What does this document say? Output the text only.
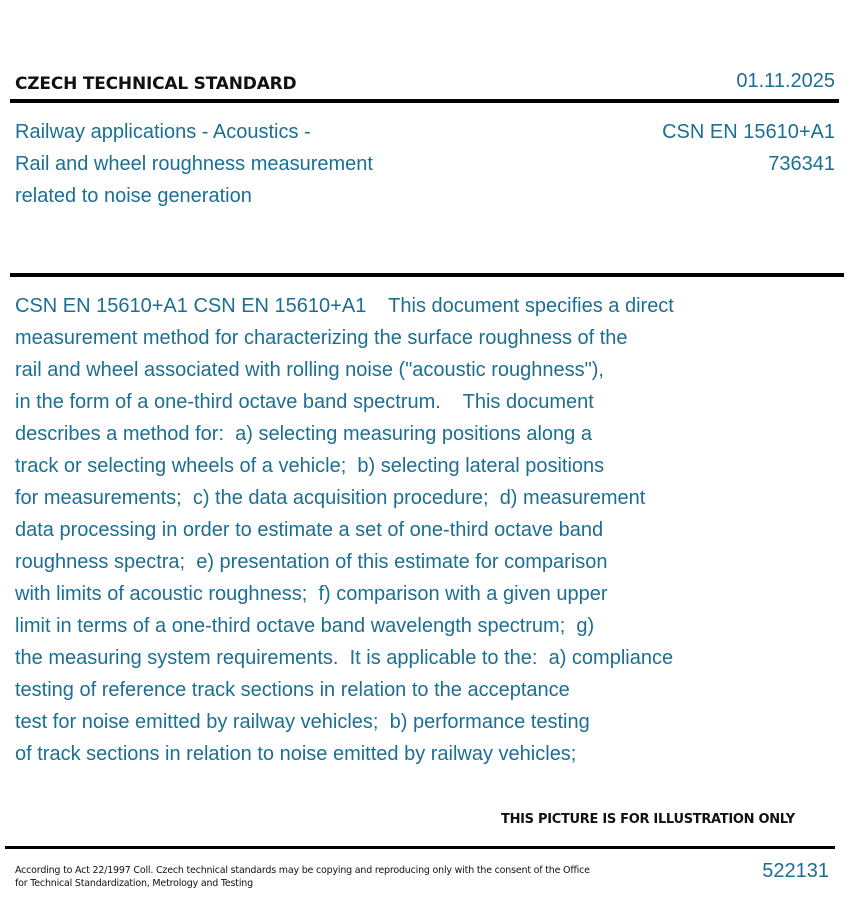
CZECH TECHNICAL STANDARD	01.11.2025
Railway applications - Acoustics -
Rail and wheel roughness measurement
related to noise generation
CSN EN 15610+A1
736341
CSN EN 15610+A1 CSN EN 15610+A1    This document specifies a direct
measurement method for characterizing the surface roughness of the
rail and wheel associated with rolling noise ("acoustic roughness"),
in the form of a one-third octave band spectrum.    This document
describes a method for:  a) selecting measuring positions along a
track or selecting wheels of a vehicle;  b) selecting lateral positions
for measurements;  c) the data acquisition procedure;  d) measurement
data processing in order to estimate a set of one-third octave band
roughness spectra;  e) presentation of this estimate for comparison
with limits of acoustic roughness;  f) comparison with a given upper
limit in terms of a one-third octave band wavelength spectrum;  g)
the measuring system requirements.  It is applicable to the:  a) compliance
testing of reference track sections in relation to the acceptance
test for noise emitted by railway vehicles;  b) performance testing
of track sections in relation to noise emitted by railway vehicles;
THIS PICTURE IS FOR ILLUSTRATION ONLY
According to Act 22/1997 Coll. Czech technical standards may be copying and reproducing only with the consent of the Office
for Technical Standardization, Metrology and Testing
522131
